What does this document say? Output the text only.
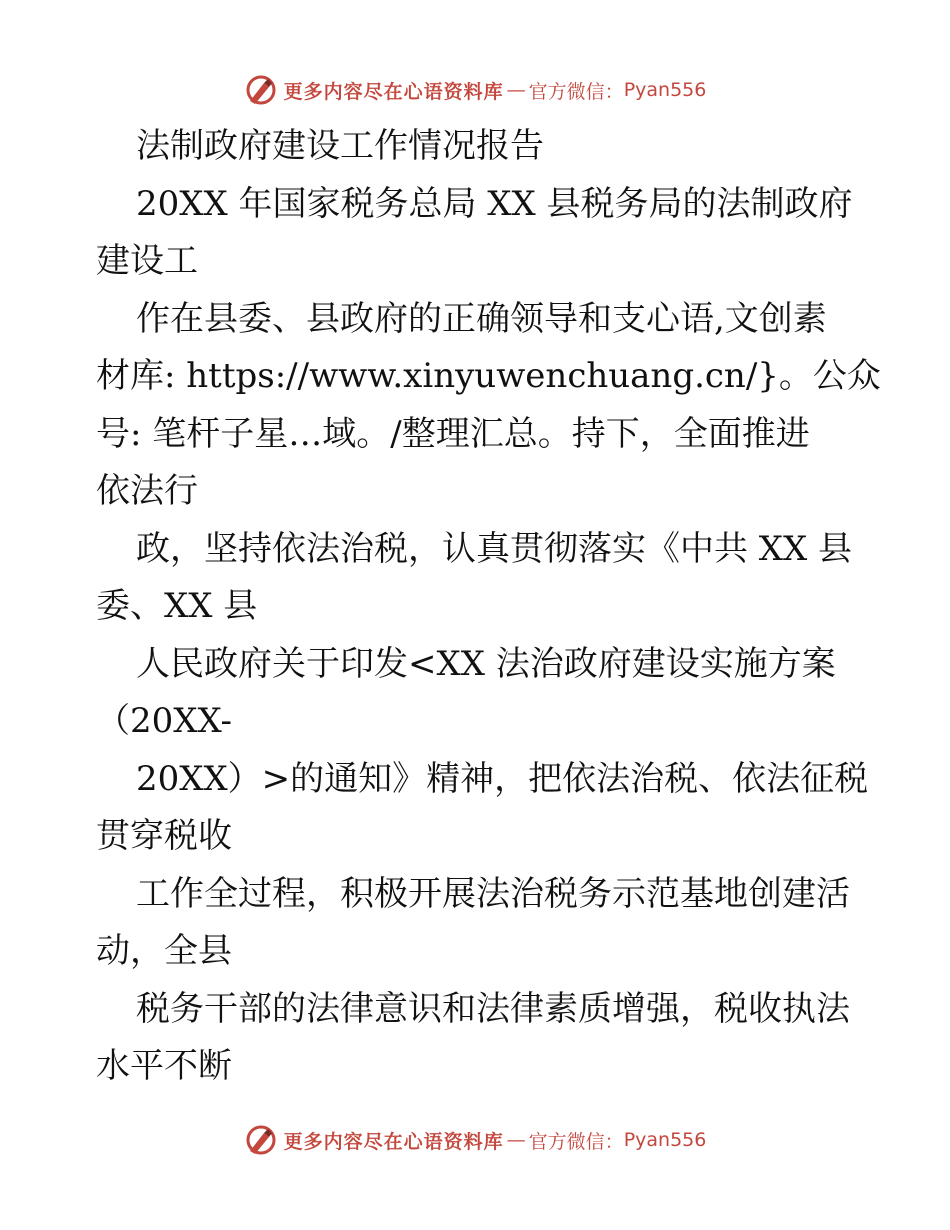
更多内容尽在心语资料库 — 官方微信： Pyan556
法制政府建设工作情况报告
20XX 年国家税务总局 XX 县税务局的法制政府
建设工
作在县委、县政府的正确领导和支心语,文创素
材库: https://www.xinyuwenchuang.cn/}。公众
号: 笔杆子星…域。/整理汇总。持下，全面推进
依法行
政，坚持依法治税，认真贯彻落实《中共 XX 县
委、XX 县
人民政府关于印发<XX 法治政府建设实施方案
（20XX-
20XX）>的通知》精神，把依法治税、依法征税
贯穿税收
工作全过程，积极开展法治税务示范基地创建活
动，全县
税务干部的法律意识和法律素质增强，税收执法
水平不断
更多内容尽在心语资料库 — 官方微信： Pyan556
